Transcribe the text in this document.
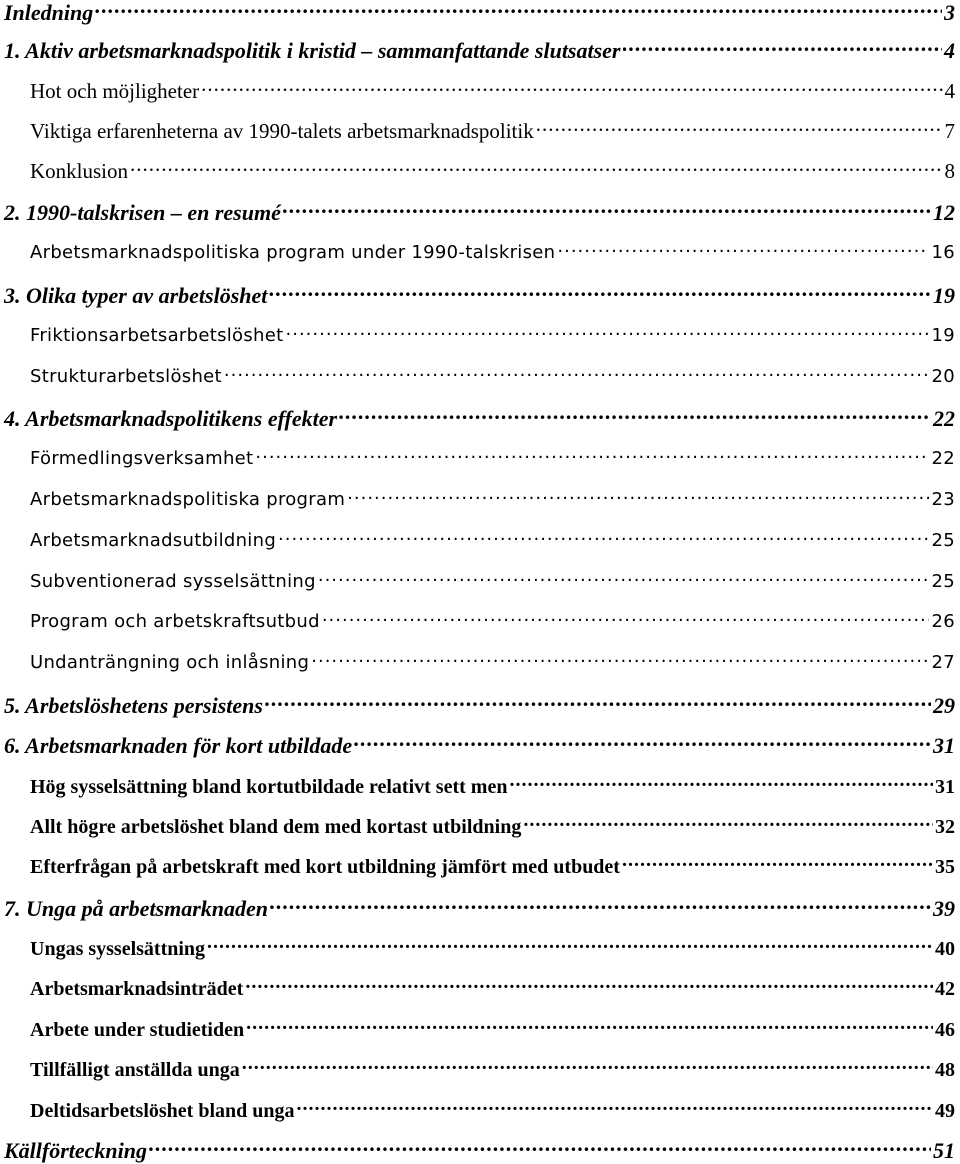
Inledning .....	3
1. Aktiv arbetsmarknadspolitik i kristid – sammanfattande slutsatser .....	4
Hot och möjligheter .....	4
Viktiga erfarenheterna av 1990-talets arbetsmarknadspolitik .....	7
Konklusion .....	8
2. 1990-talskrisen – en resumé .....	12
Arbetsmarknadspolitiska program under 1990-talskrisen .....	16
3. Olika typer av arbetslöshet .....	19
Friktionsarbetsarbetslöshet .....	19
Strukturarbetslöshet .....	20
4. Arbetsmarknadspolitikens effekter .....	22
Förmedlingsverksamhet .....	22
Arbetsmarknadspolitiska program .....	23
Arbetsmarknadsutbildning .....	25
Subventionerad sysselsättning .....	25
Program och arbetskraftsutbud .....	26
Undanträngning och inlåsning .....	27
5. Arbetslöshetens persistens .....	29
6. Arbetsmarknaden för kort utbildade .....	31
Hög sysselsättning bland kortutbildade relativt sett men .....	31
Allt högre arbetslöshet bland dem med kortast utbildning .....	32
Efterfrågan på arbetskraft med kort utbildning jämfört med utbudet .....	35
7. Unga på arbetsmarknaden .....	39
Ungas sysselsättning .....	40
Arbetsmarknadsinträdet .....	42
Arbete under studietiden .....	46
Tillfälligt anställda unga .....	48
Deltidsarbetslöshet bland unga .....	49
Källförteckning .....	51
